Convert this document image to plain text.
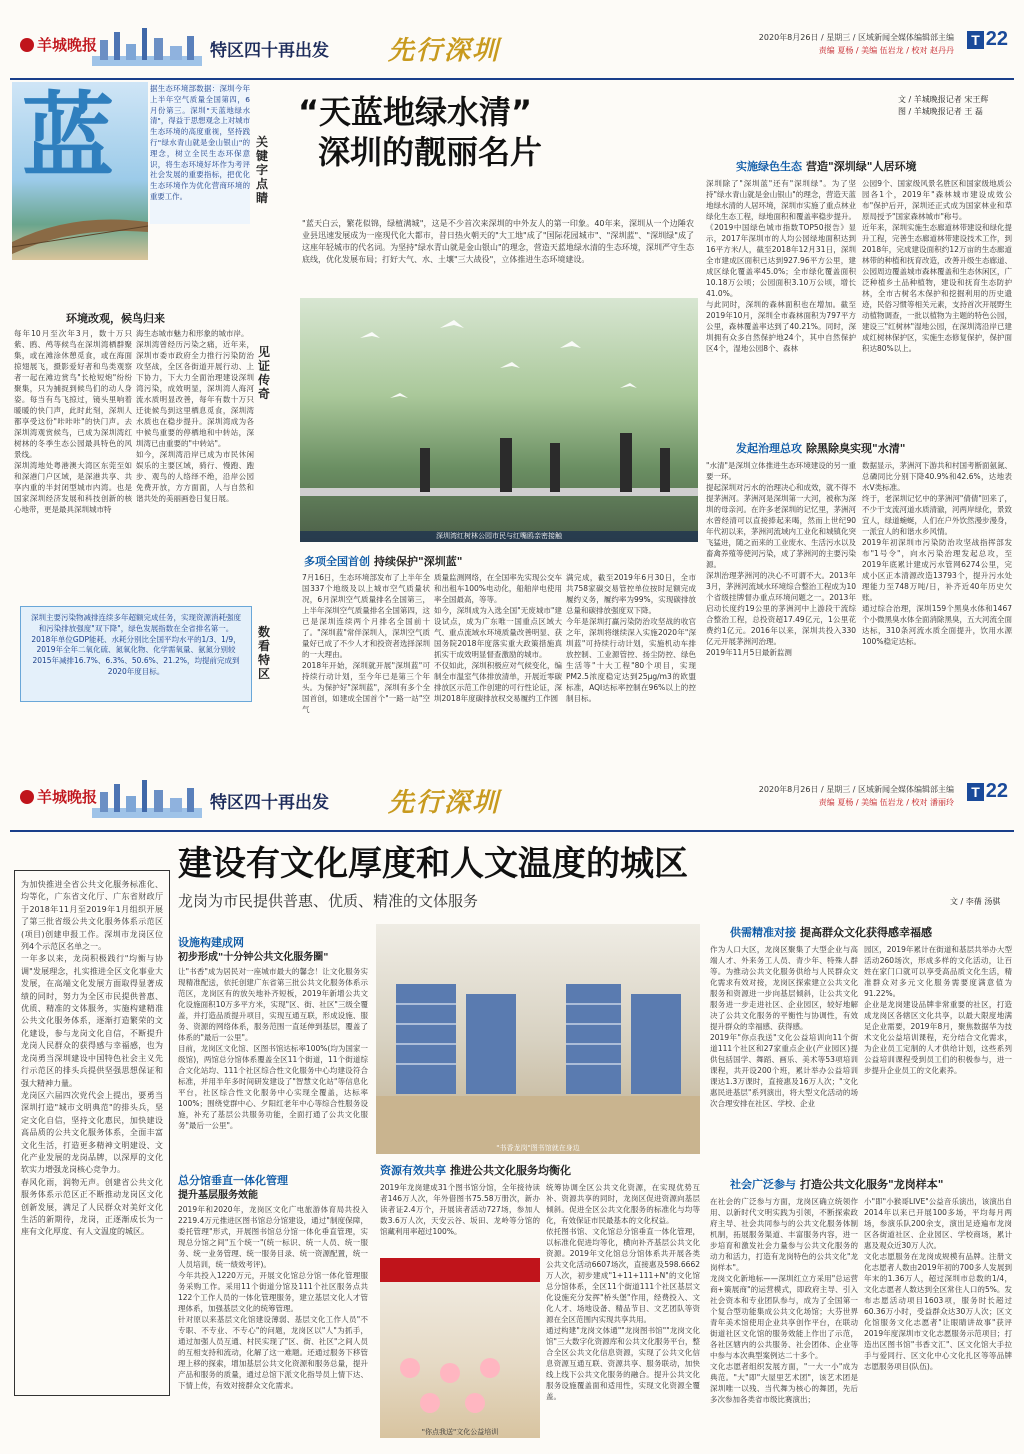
羊城晚报	特区四十再出发 先行深圳	2020年8月26日 / 星期三 / 区域新闻全媒体编辑部主编
责编 夏杨 / 美编 伍岩龙 / 校对 赵丹丹
T 22
蓝	据生态环境部数据：深圳今年上半年空气质量全国第四，6月份第三。深圳"天蓝地绿水清"，得益于思想观念上对城市生态环境的高度重视，坚持践行"绿水青山就是金山银山"的理念，树立全民生态环保意识，将生态环境好坏作为考评社会发展的重要指标，把优化生态环境作为优化营商环境的重要工作。
关键字点睛
“天蓝地绿水清”
深圳的靓丽名片
文 / 羊城晚报记者 宋王辉
图 / 羊城晚报记者 王 磊
"蓝天白云，繁花似锦，绿植满城"，这是不少首次来深圳的中外友人的第一印象。40年来，深圳从一个边陲农业县迅速发展成为一座现代化大都市，昔日热火朝天的"大工地"成了"国际花园城市"、"深圳蓝"、"深圳绿"成了这座年轻城市的代名词。为坚持"绿水青山就是金山银山"的理念，营造天蓝地绿水清的生态环境，深圳严守生态底线，优化发展布局；打好大气、水、土壤"三大战役"，立体推进生态环境建设。
环境改观，候鸟归来
每年10月至次年3月，数十万只紫、鸥、鸬等候鸟在深圳湾栖群聚集，或在滩涂休憩觅食，或在海面掠翅展飞，摄影爱好者和鸟类观察者一起在滩边赏鸟"长枪短炮"纷纷聚集，只为捕捉到候鸟们的动人身姿。每当有鸟飞掠过，镜头里响着暖暖的快门声，此时此刻，深圳人都享受这份"咔咔咔"的快门声。去深圳湾观赏候鸟，已成为深圳湾红树林的冬季生态公园最具特色的风景线。
深圳湾地处粤港澳大湾区东莞至如和深港门户区域，是深港共享、共享内重的半封闭型城市内湾。也是国家深圳经济发展和科技创新的核心地带，更是最具深圳城市特
海生态城市魅力和形象的城市岸。
深圳湾曾经历污染之痛，近年来，深圳市委市政府全力推行污染防治攻坚战，全区各街道开展行动、上下协力，下大力全面治理建设深圳湾污染，成效明显，深圳湾人海河流水质明显改善，每年有数十万只迁徙候鸟到这里栖息觅食，深圳湾水质也在稳步提升。深圳湾成为各中候鸟重要的停栖地和中转站，深圳湾已由重要的"中转站"。
如今，深圳湾沿岸已成为市民休闲娱乐的主要区域，骑行、慢跑、跑步、观鸟的人络绎不绝，沿岸公园免费开放，方方面面，人与自然和谐共处的美丽画卷日复日展。
见证传奇
深圳湾红树林公园市民与红嘴鸥亲密接触
深圳主要污染物减排连续多年超额完成任务，实现资源消耗强度和污染排放强度"双下降"，绿色发展指数在全省排名第一。2018年单位GDP能耗、水耗分别比全国平均水平的1/3、1/9，2019年全年二氧化硫、氮氧化物、化学需氧量、氨氮分别较2015年减排16.7%、6.3%、50.6%、21.2%，均提前完成到2020年度目标。
数看特区
多项全国首创 持续保护"深圳蓝"
7月16日，生态环境部发布了上半年全国337个地级及以上城市空气质量状况，6月深圳空气质量排名全国第三，上半年深圳空气质量排名全国第四，这已是深圳连续两个月排名全国前十了。"深圳蓝"常伴深圳人，深圳空气质量好已成了不少人才和投资者选择深圳的一大理由。
2018年开始，深圳就开展"深圳蓝"可持续行动计划，至今年已是第三个年头。为保护好"深圳蓝"，深圳有多个全国首创，如建成全国首个"一路一站"空气
质量监测网络，在全国率先实现公交车和出租车100%电动化，船舶岸电使用率全国最高，等等。
如今，深圳成为入选全国"无废城市"建设试点，成为广东唯一国重点区域大气、重点流域水环境质量改善明显、获国务院2018年度落实重大政策措施真抓实干成效明显督查激励的城市。
不仅如此，深圳积极应对气候变化，编制全市温室气体排放清单，开展近零碳排放区示范工作创建的可行性论证，深圳2018年度碳排放权交易履约工作圆
满完成，截至2019年6月30日，全市共758家碳交易管控单位按时足额完成履约义务，履约率为99%，实现碳排放总量和碳排放强度双下降。
今年是深圳打赢污染防治攻坚战的收官之年，深圳将继续深入实施2020年"深圳蓝"可持续行动计划，实施机动车排放控制、工业源管控、扬尘防控、绿色生活等"十大工程"80个项目，实现PM2.5浓度稳定达到25μg/m3的欧盟标准，AQI达标率控制在96%以上的控制目标。
实施绿色生态 营造"深圳绿"人居环境
深圳除了"深圳蓝"还有"深圳绿"。为了坚持"绿水青山就是金山银山"的理念，营造天蓝地绿水清的人居环境，深圳市实施了重点林业绿化生态工程，绿地面积和覆盖率稳步提升。
《2019中国绿色城市指数TOP50报告》显示，2017年深圳市的人均公园绿地面积达到16平方米/人，截至2018年12月31日，深圳全市建成区面积已达到927.96平方公里，建成区绿化覆盖率45.0%；全市绿化覆盖面积10.18万公顷；公园面积3.10万公顷，增长41.0%。
与此同时，深圳的森林面积也在增加。截至2019年10月，深圳全市森林面积为797平方公里，森林覆盖率达到了40.21%。同时，深圳拥有众多自然保护地24个，其中自然保护区4个，湿地公园8个、森林
公园9个、国家级风景名胜区和国家级地质公园各1个，2019年"森林城市建设成效公布"保护后开，深圳还正式成为国家林业和草原局授予"国家森林城市"称号。
近年来，深圳实施生态廊道林带建设和绿化提升工程，完善生态廊道林带建设技术工作，到2018年，完成建设面积约12万亩的生态廊道林带的种植和抚育改造，改善升级生态廊道、公园周边覆盖城市森林覆盖和生态休闲区，广泛种植乡土品种植物，建设和抚育生态防护林，全市古树名木保护和挖掘利用的历史遗迹，民俗习惯等相关元素，支持首次开展野生动植物调查，一批以植物为主题的特色公园，建设三"红树林"湿地公园，在深圳湾沿岸已建成红树林保护区，实施生态修复保护，保护面积达80%以上。
发起治理总攻 除黑除臭实现"水清"
"水清"是深圳立体推进生态环境建设的另一重要一环。
提起深圳对污水的治理决心和成效，就不得不提茅洲河。茅洲河是深圳第一大河，被称为深圳的母亲河。在许多老深圳的记忆里，茅洲河水曾经清可以直接捧起来喝，然而上世纪90年代初以来，茅洲河流域内工业化和城镇化突飞猛进，随之而来的工业废水、生活污水以及畜禽养殖等使河污染，成了茅洲河的主要污染源。
深圳治理茅洲河的决心不可谓不大。2013年3月，茅洲河流域水环境综合整治工程成为10个省级挂牌督办重点环境问题之一。2013年启动长度约19公里的茅洲河中上游段干流综合整治工程，总投资超17.49亿元，1公里花费约1亿元。2016年以来，深圳共投入330亿元开展茅洲河治理。
2019年11月5日最新监测
数据显示，茅洲河下游共和村国考断面氨氮、总磷同比分别下降40.9%和42.6%，达地表水V类标准。
终于，老深圳记忆中的茅洲河"倩倩"回来了，不少干支流河道水质清澈，河两岸绿化，景致宜人，绿道蜿蜒，人们在户外饮然漫步漫身，一派宜人的和谐水乡风情。
2019年初深圳市污染防治攻坚战指挥部发布"1号令"，向水污染治理发起总攻，至2019年底累计建成污水管网6274公里，完成小区正本清源改造13793个，提升污水处理能力至748万吨/日，补齐近40年历史欠账。
通过综合治理，深圳159个黑臭水体和1467个小微黑臭水体全面消除黑臭，五大河流全面达标，310条河流水质全面提升，饮用水源100%稳定达标。
羊城晚报	特区四十再出发 先行深圳	2020年8月26日 / 星期三 / 区域新闻全媒体编辑部主编
责编 夏杨 / 美编 伍岩龙 / 校对 潘丽玲
T 22
建设有文化厚度和人文温度的城区
龙岗为市民提供普惠、优质、精准的文体服务	文 / 李蒨 汤骐
为加快推进全省公共文化服务标准化、均等化，广东省文化厅、广东省财政厅于2018年11月至2019年1月组织开展了第三批省级公共文化服务体系示范区(项目)创建申报工作。深圳市龙岗区位列4个示范区名单之一。
一年多以来，龙岗积极践行"均衡与协调"发展理念，扎实推进全区文化事业大发展，在高端文化发展方面取得显著成绩的同时，努力为全区市民提供普惠、优质、精准的文体服务，实施构建精准公共文化服务体系，逐渐打造繁荣的文化建设，参与龙岗文化自信，不断提升龙岗人民群众的获得感与幸福感，也为龙岗勇当深圳建设中国特色社会主义先行示范区的排头兵提供坚强思想保证和强大精神力量。
龙岗区六届四次党代会上提出，要勇当深圳打造"城市文明典范"的排头兵，坚定文化自信，坚持文化惠民，加快建设高品质的公共文化服务体系，全面丰富文化生活，打造更多精神文明建设、文化产业发展的龙岗品牌，以深厚的文化软实力增强龙岗核心竞争力。
春风化雨，润物无声。创建省公共文化服务体系示范区正不断推动龙岗区文化创新发展，满足了人民群众对美好文化生活的新期待，龙岗，正逐渐成长为一座有文化厚度、有人文温度的城区。
设施构建成网
初步形成"十分钟公共文化服务圈"
让"书香"成为居民对一座城市最大的馨念！让文化服务实现精准配送，依托创建广东省第三批公共文化服务体系示范区，龙岗区有的放矢地补齐短板，2019年新增公共文化设施面积10万多平方米，实现"区、街、社区"三级全覆盖，并打造品质提升项目，实现互通互联，形成设施、服务、资源的网络体系，服务范围一直延伸到基层，覆盖了体系的"最后一公里"。
目前，龙岗区文化馆、区图书馆达标率100%(均为国家一级馆)，两馆总分馆体系覆盖全区11个街道，11个街道综合文化站均、111个社区综合性文化服务中心均建设符合标准，并用半年多时间研发建设了"智慧文化站"等信息化平台，社区综合性文化服务中心实现全覆盖，达标率100%；围绕党群中心、夕阳红老年中心等综合性服务设施，补充了基层公共服务功能，全面打通了公共文化服务"最后一公里"。
"书香龙岗"图书馆就在身边
总分馆垂直一体化管理
提升基层服务效能
2019年和2020年，龙岗区文化广电旅游体育局共投入2219.4万元推进区图书馆总分馆建设，通过"制度保障，委托管理"形式，开展图书馆总分馆一体化垂直管理，实现总分馆之间"五个统一"(统一标识、统一人员、统一服务、统一业务管理、统一服务目录、统一资源配置，统一人员培训，统一绩效考评)。
今年共投入1220万元，开展文化馆总分馆一体化管理服务采购工作。采用11个街道分馆及111个社区服务点共122个工作人员的一体化管理服务，建立基层文化人才管理体系，加强基层文化的统筹管理。
针对原以来基层文化馆建设薄弱、基层文化工作人员"不专职、不专业、不专心"的问题，龙岗区以"人"为抓手，通过加强人员互通、村民实现了"区、街、社区"之间人员的互相支持和流动，化解了这一难题。还通过服务下移管理上移的探索，增加基层公共文化资源和服务总量，提升产品和服务的质量，通过总馆下派文化指导员上情下达、下情上传，有效对接群众文化需求。
资源有效共享 推进公共文化服务均衡化
2019年龙岗建成31个图书馆分馆，全年接待读者146万人次，年外借图书75.58万册次，新办读者证2.4万个，开展读者活动727场，参加人数3.6万人次，天安云谷、坂田、龙岭等分馆的馆藏利用率超过100%。
"你点我送"文化公益培训
统筹协调全区公共文化资源，在实现优势互补、资源共享的同时，龙岗区促进资源向基层倾斜。促进全区公共文化服务的标准化与均等化，有效保证市民最基本的文化权益。
依托图书馆、文化馆总分馆垂直一体化管理，以标准化促进均等化，横向补齐基层公共文化资源。2019年文化馆总分馆体系共开展各类公共文化活动6607场次，直接惠及598.6662万人次，初步建成"1+11+111+N"的文化馆总分馆体系，全区11个街道111个社区基层文化设施充分发挥"桥头堡"作用，经费投入、文化人才、场地设备、精品节目、文艺团队等资源在全区范围内实现共享共用。
通过构建"龙岗文体通""龙岗图书馆""龙岗文化馆"三大数字化资源库和公共文化服务平台，整合全区公共文化信息资源，实现了公共文化信息资源互通互联、资源共享、服务联动，加快线上线下公共文化服务的融合。提升公共文化服务设施覆盖面和适用性，实现文化资源全覆盖。
供需精准对接 提高群众文化获得感幸福感
作为人口大区，龙岗区聚集了大型企业与高端人才、外来务工人员、青少年、特殊人群等。为推动公共文化服务供给与人民群众文化需求有效对接，龙岗区探索建立公共文化服务和资源进一步向基层倾斜，让公共文化服务进一步走进社区、企业园区，较好地解决了公共文化服务的平衡性与协调性，有效提升群众的幸福感、获得感。
2019年"你点我送"文化公益培训向11个街道111个社区和27家重点企业(产业园区)提供包括国学、舞蹈、画乐、美术等53项培训课程，共开设200个班，累计举办公益培训课达1.3万课时，直接惠及16万人次；"文化惠民进基层"系列演出，将大型文化活动的场次合理安排在社区、学校、企业
园区，2019年累计在街道和基层共举办大型活动260场次，形成多样的文化活动，让百姓在家门口就可以享受高品质文化生活，精准群众对多元文化服务需要度满意值为91.22%。
企业是龙岗建设品牌非常重要的社区，打造成龙岗区各辖区文化共享，以最大限度地满足企业需要，2019年8月，聚焦数据华为技术文化公益培训课程，充分结合文化需求，为企业员工定制的人才供给计划，这些系列公益培训课程受到员工们的积极参与，进一步提升企业员工的文化素养。
社会广泛参与 打造公共文化服务"龙岗样本"
在社会的广泛参与方面，龙岗区确立统领作用、以新时代文明实践为引领，不断探索政府主导、社会共同参与的公共文化服务体制机制，拓展服务渠道、丰富服务内容，进一步培育和激发社会力量参与公共文化服务的动力和活力，打造有龙岗特色的公共文化"龙岗样本"。
龙岗文化新地标——深圳红立方采用"总运营商+策展商"的运营模式，即政府主导、引入社会资本和专业团队参与，成为了全国第一个复合型功能集成公共文化场馆；大芬世界青年美术馆使用企业共享创作平台，在联动街道社区文化馆的服务效能上作出了示范，各社区辖内的公共服务、社会团体、企业等中参与本次典型案例达二十多个。
文化志愿者组织发展方面，"一大一小"成为典范。"大"即"大屋里艺术团"，该艺术团是深圳唯一以残、当代舞为核心的舞团，先后多次参加各类省市级比赛演出；
小"即"小猴哥LIVE"公益音乐演出，该演出自2014年以来已开展100多场，平均每月两场，参演乐队200余支，演出足迹遍布龙岗区各街道社区、企业园区、学校商场，累计惠及观众近30万人次。
文化志愿服务在龙岗成规模有品牌。注册文化志愿者人数由2019年初的700多人发展到年末的1.36万人，超过深圳市总数的1/4，文化志愿者人数达到全区常住人口的5%。发布志愿活动项目1603项，服务时长超过60.36万小时，受益群众达30万人次；区文化馆服务文化志愿者"让眼睛讲故事"获评2019年度深圳市文化志愿服务示范项目；打造出区图书馆"书香文汇"、区文化馆大手拉手与爱同行、区文化中心文化扎区等等品牌志愿服务项目(队伍)。
